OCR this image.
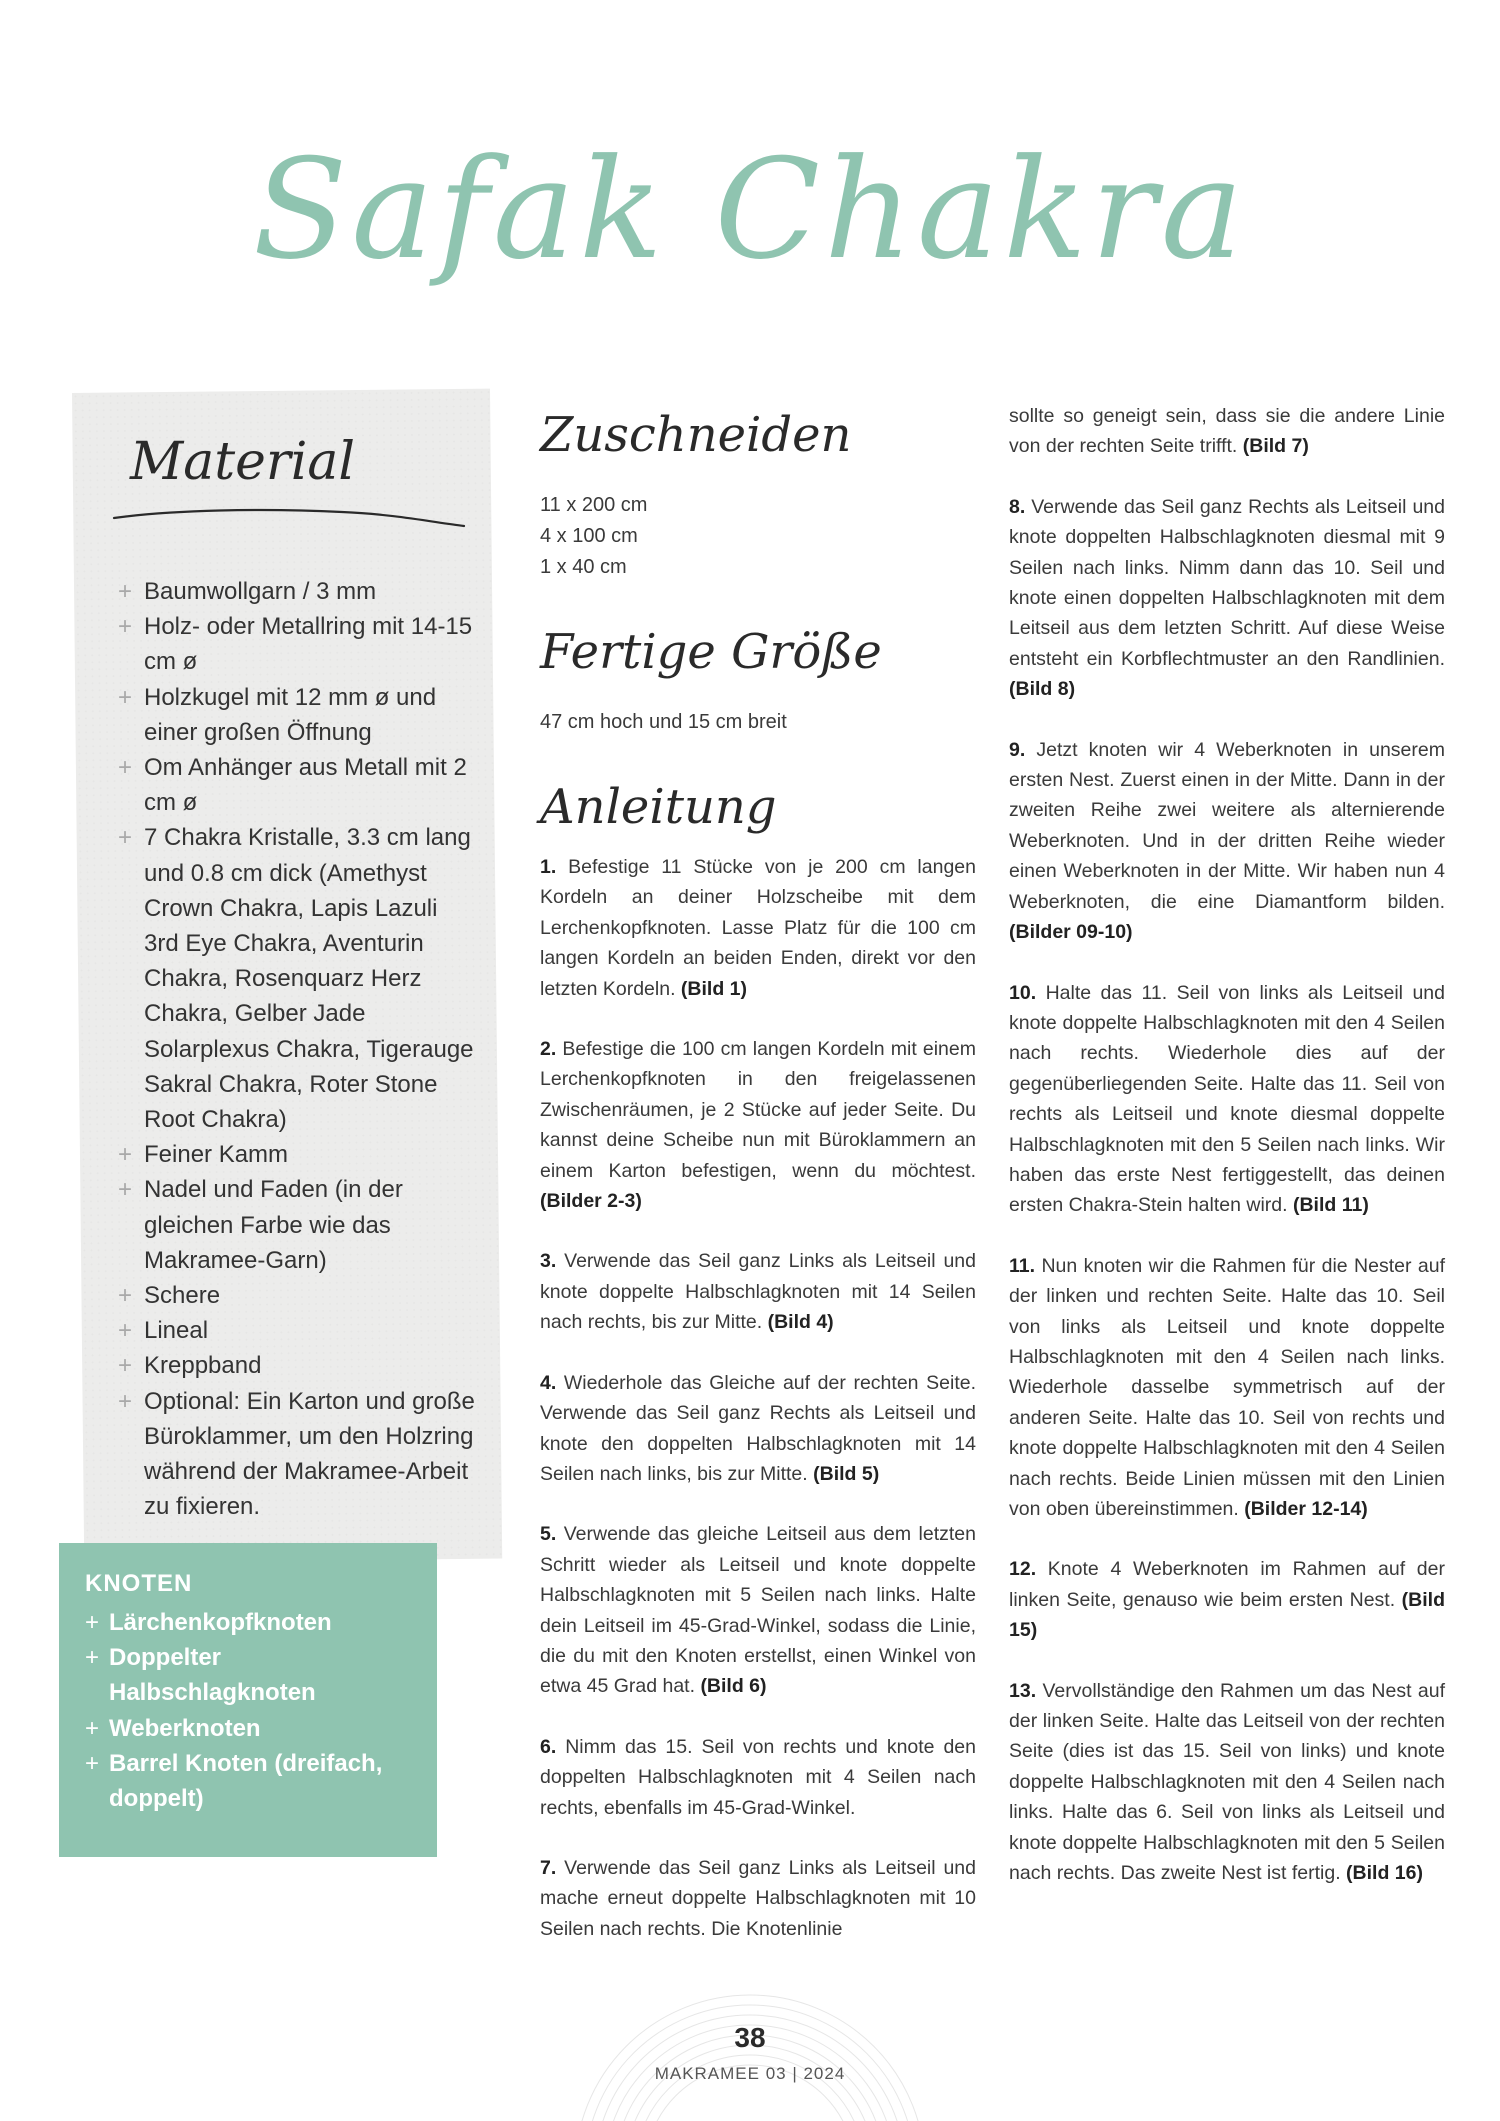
Safak Chakra
Material
+ Baumwollgarn / 3 mm
+ Holz- oder Metallring mit 14-15 cm ø
+ Holzkugel mit 12 mm ø und einer großen Öffnung
+ Om Anhänger aus Metall mit 2 cm ø
+ 7 Chakra Kristalle, 3.3 cm lang und 0.8 cm dick (Amethyst Crown Chakra, Lapis Lazuli 3rd Eye Chakra, Aventurin Chakra, Rosenquarz Herz Chakra, Gelber Jade Solarplexus Chakra, Tigerauge Sakral Chakra, Roter Stone Root Chakra)
+ Feiner Kamm
+ Nadel und Faden (in der gleichen Farbe wie das Makramee-Garn)
+ Schere
+ Lineal
+ Kreppband
+ Optional: Ein Karton und große Büroklammer, um den Holzring während der Makramee-Arbeit zu fixieren.
KNOTEN
+ Lärchenkopfknoten
+ Doppelter Halbschlagknoten
+ Weberknoten
+ Barrel Knoten (dreifach, doppelt)
Zuschneiden
11 x 200 cm
4 x 100 cm
1 x 40 cm
Fertige Größe
47 cm hoch und 15 cm breit
Anleitung

1. Befestige 11 Stücke von je 200 cm langen Kordeln an deiner Holzscheibe mit dem Lerchenkopfknoten. Lasse Platz für die 100 cm langen Kordeln an beiden Enden, direkt vor den letzten Kordeln. (Bild 1)

2. Befestige die 100 cm langen Kordeln mit einem Lerchenkopfknoten in den freigelassenen Zwischenräumen, je 2 Stücke auf jeder Seite. Du kannst deine Scheibe nun mit Büroklammern an einem Karton befestigen, wenn du möchtest. (Bilder 2-3)

3. Verwende das Seil ganz Links als Leitseil und knote doppelte Halbschlagknoten mit 14 Seilen nach rechts, bis zur Mitte. (Bild 4)

4. Wiederhole das Gleiche auf der rechten Seite. Verwende das Seil ganz Rechts als Leitseil und knote den doppelten Halbschlagknoten mit 14 Seilen nach links, bis zur Mitte. (Bild 5)

5. Verwende das gleiche Leitseil aus dem letzten Schritt wieder als Leitseil und knote doppelte Halbschlagknoten mit 5 Seilen nach links. Halte dein Leitseil im 45-Grad-Winkel, sodass die Linie, die du mit den Knoten erstellst, einen Winkel von etwa 45 Grad hat. (Bild 6)

6. Nimm das 15. Seil von rechts und knote den doppelten Halbschlagknoten mit 4 Seilen nach rechts, ebenfalls im 45-Grad-Winkel.

7. Verwende das Seil ganz Links als Leitseil und mache erneut doppelte Halbschlagknoten mit 10 Seilen nach rechts. Die Knotenlinie

sollte so geneigt sein, dass sie die andere Linie von der rechten Seite trifft. (Bild 7)

8. Verwende das Seil ganz Rechts als Leitseil und knote doppelten Halbschlagknoten diesmal mit 9 Seilen nach links. Nimm dann das 10. Seil und knote einen doppelten Halbschlagknoten mit dem Leitseil aus dem letzten Schritt. Auf diese Weise entsteht ein Korbflechtmuster an den Randlinien. (Bild 8)

9. Jetzt knoten wir 4 Weberknoten in unserem ersten Nest. Zuerst einen in der Mitte. Dann in der zweiten Reihe zwei weitere als alternierende Weberknoten. Und in der dritten Reihe wieder einen Weberknoten in der Mitte. Wir haben nun 4 Weberknoten, die eine Diamantform bilden. (Bilder 09-10)

10. Halte das 11. Seil von links als Leitseil und knote doppelte Halbschlagknoten mit den 4 Seilen nach rechts. Wiederhole dies auf der gegenüberliegenden Seite. Halte das 11. Seil von rechts als Leitseil und knote diesmal doppelte Halbschlagknoten mit den 5 Seilen nach links. Wir haben das erste Nest fertiggestellt, das deinen ersten Chakra-Stein halten wird. (Bild 11)

11. Nun knoten wir die Rahmen für die Nester auf der linken und rechten Seite. Halte das 10. Seil von links als Leitseil und knote doppelte Halbschlagknoten mit den 4 Seilen nach links. Wiederhole dasselbe symmetrisch auf der anderen Seite. Halte das 10. Seil von rechts und knote doppelte Halbschlagknoten mit den 4 Seilen nach rechts. Beide Linien müssen mit den Linien von oben übereinstimmen. (Bilder 12-14)

12. Knote 4 Weberknoten im Rahmen auf der linken Seite, genauso wie beim ersten Nest. (Bild 15)

13. Vervollständige den Rahmen um das Nest auf der linken Seite. Halte das Leitseil von der rechten Seite (dies ist das 15. Seil von links) und knote doppelte Halbschlagknoten mit den 4 Seilen nach links. Halte das 6. Seil von links als Leitseil und knote doppelte Halbschlagknoten mit den 5 Seilen nach rechts. Das zweite Nest ist fertig. (Bild 16)

38
MAKRAMEE 03 | 2024
